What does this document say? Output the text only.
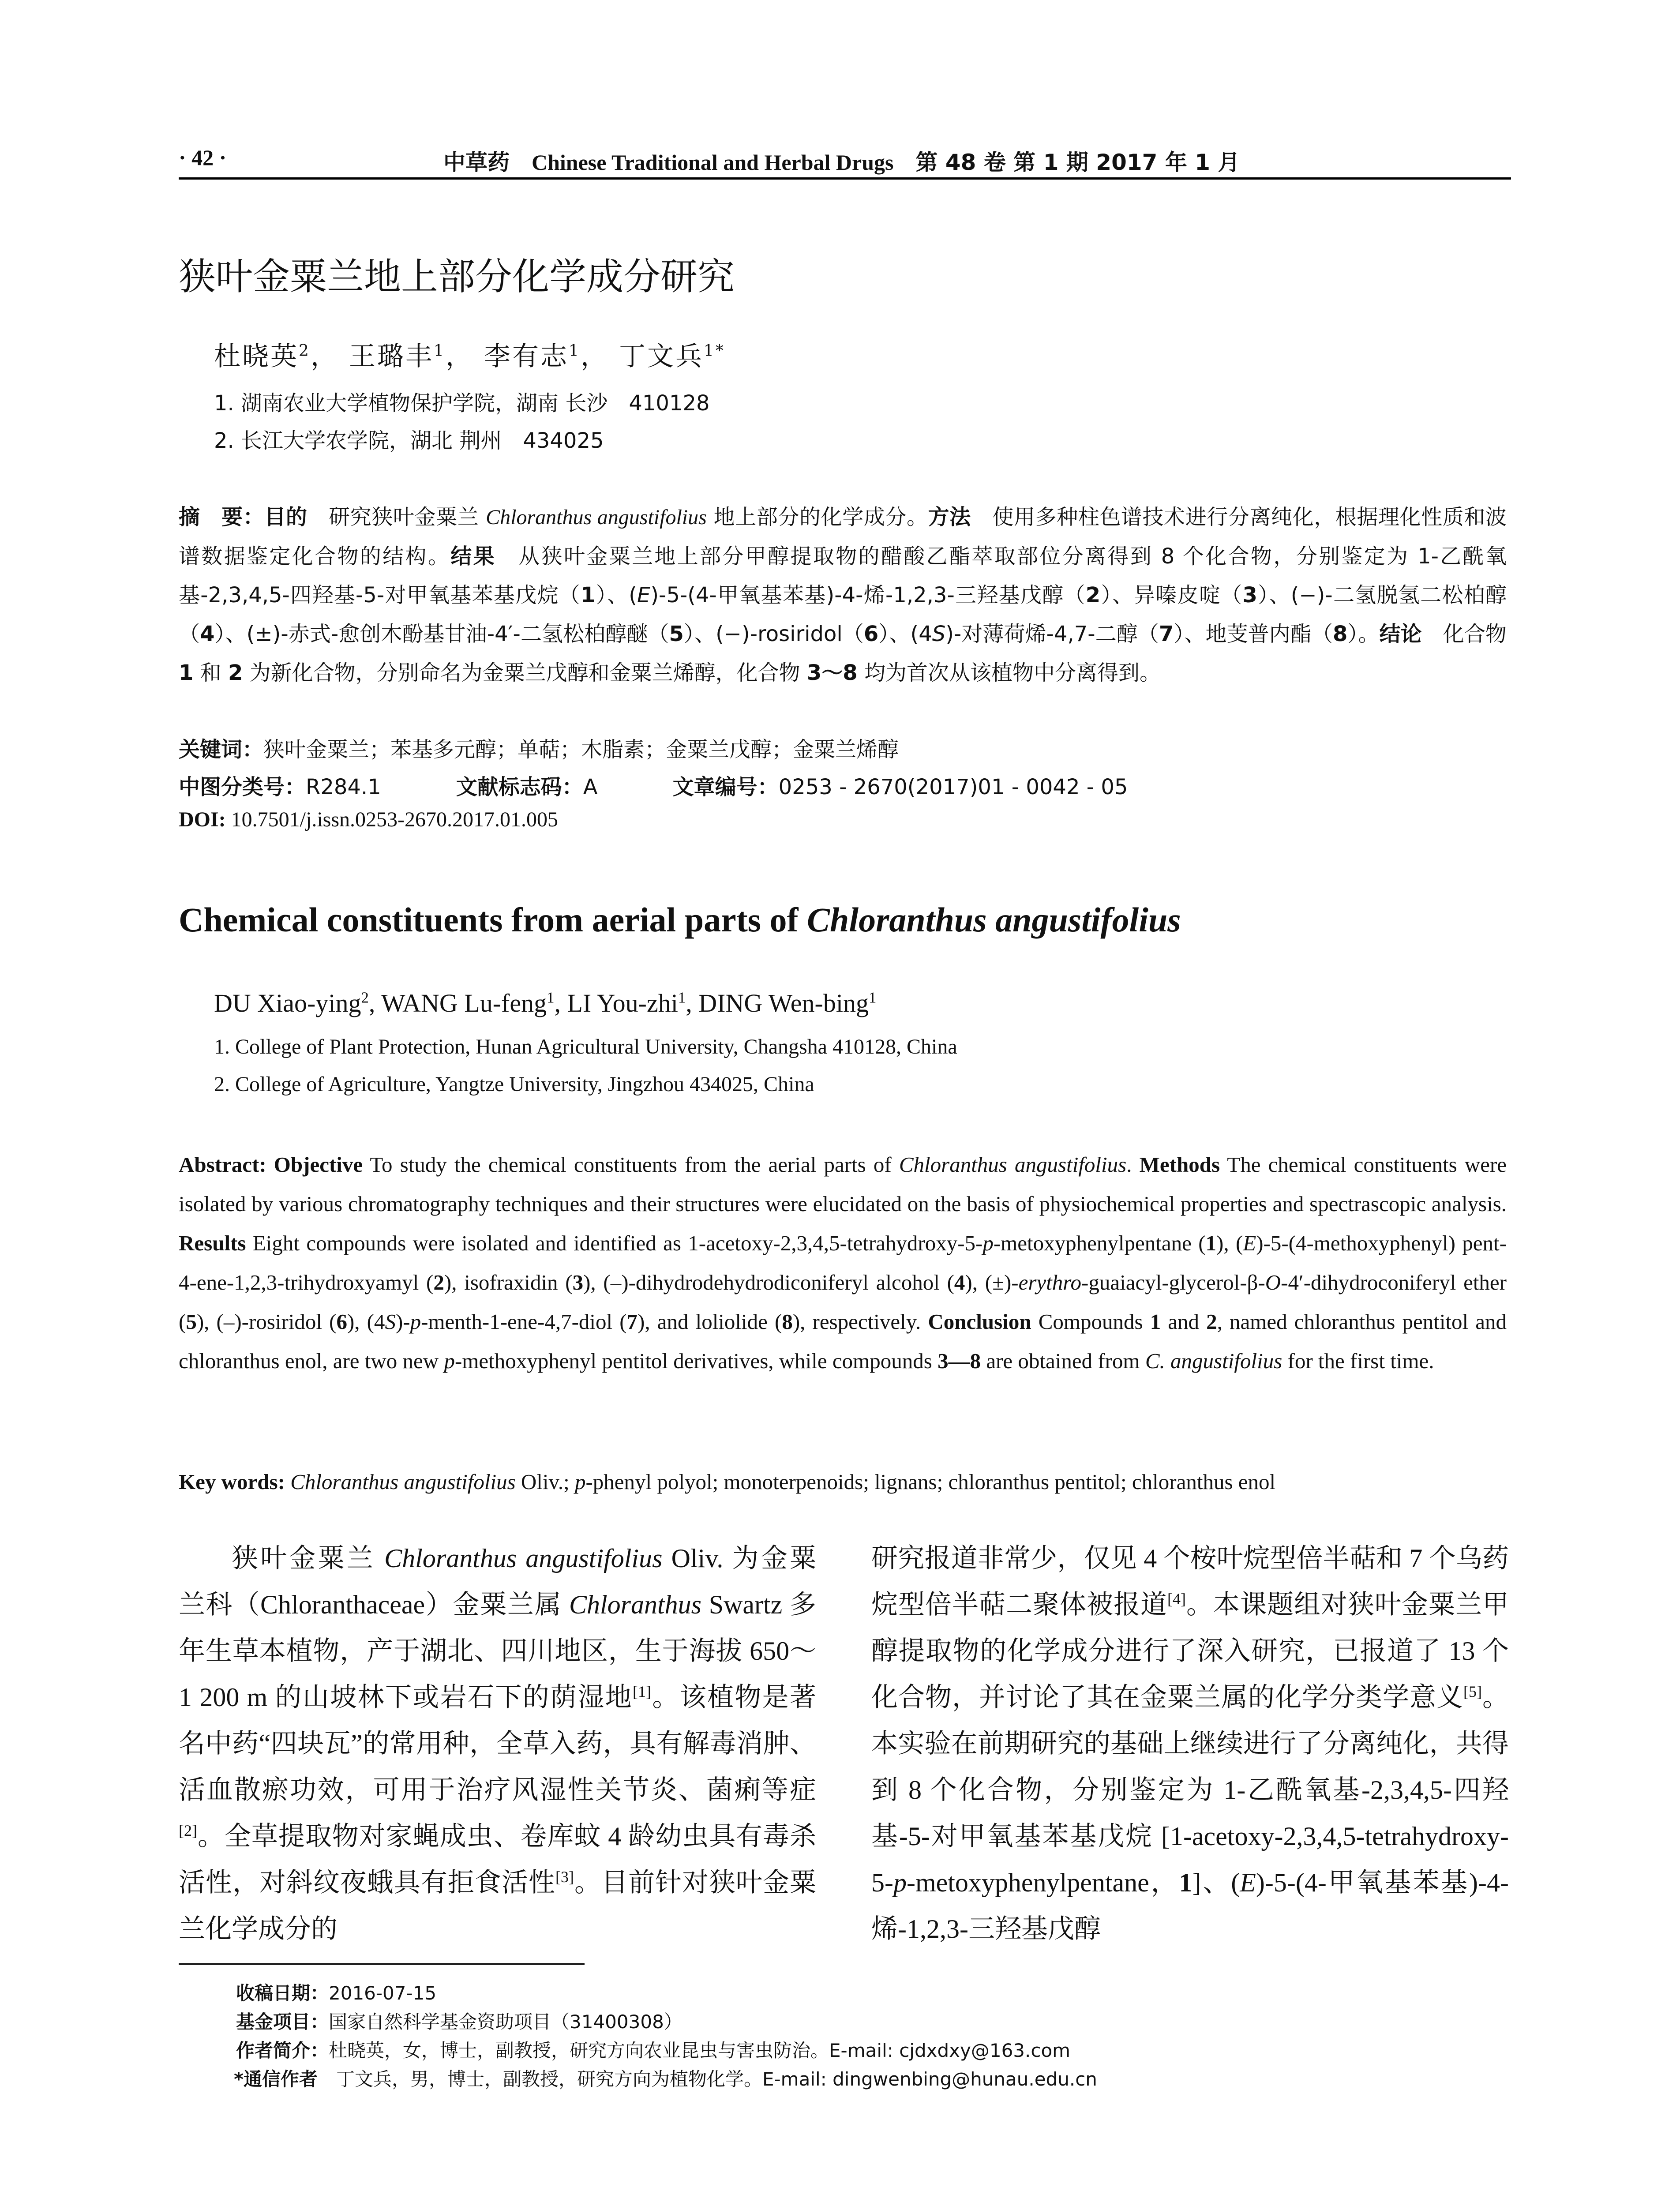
· 42 ·	中草药 Chinese Traditional and Herbal Drugs 第 48 卷 第 1 期 2017 年 1 月
狭叶金粟兰地上部分化学成分研究
杜晓英$^2$， 王璐丰$^1$， 李有志$^1$， 丁文兵$^{1*}$
1. 湖南农业大学植物保护学院，湖南 长沙　410128
2. 长江大学农学院，湖北 荆州　434025
摘　要：目的　研究狭叶金粟兰 Chloranthus angustifolius 地上部分的化学成分。方法　使用多种柱色谱技术进行分离纯化，根据理化性质和波谱数据鉴定化合物的结构。结果　从狭叶金粟兰地上部分甲醇提取物的醋酸乙酯萃取部位分离得到 8 个化合物，分别鉴定为 1-乙酰氧基-2,3,4,5-四羟基-5-对甲氧基苯基戊烷（1）、(E)-5-(4-甲氧基苯基)-4-烯-1,2,3-三羟基戊醇（2）、异嗪皮啶（3）、(−)-二氢脱氢二松柏醇（4）、(±)-赤式-愈创木酚基甘油-4′-二氢松柏醇醚（5）、(−)-rosiridol（6）、(4S)-对薄荷烯-4,7-二醇（7）、地芰普内酯（8）。结论　化合物 1 和 2 为新化合物，分别命名为金粟兰戊醇和金粟兰烯醇，化合物 3～8 均为首次从该植物中分离得到。
关键词：狭叶金粟兰；苯基多元醇；单萜；木脂素；金粟兰戊醇；金粟兰烯醇
中图分类号：R284.1	文献标志码：A	文章编号：0253 - 2670(2017)01 - 0042 - 05
DOI: 10.7501/j.issn.0253-2670.2017.01.005
Chemical constituents from aerial parts of Chloranthus angustifolius
DU Xiao-ying$^2$, WANG Lu-feng$^1$, LI You-zhi$^1$, DING Wen-bing$^1$
1. College of Plant Protection, Hunan Agricultural University, Changsha 410128, China
2. College of Agriculture, Yangtze University, Jingzhou 434025, China
Abstract: Objective To study the chemical constituents from the aerial parts of Chloranthus angustifolius. Methods The chemical constituents were isolated by various chromatography techniques and their structures were elucidated on the basis of physiochemical properties and spectrascopic analysis. Results Eight compounds were isolated and identified as 1-acetoxy-2,3,4,5-tetrahydroxy-5-p-metoxyphenylpentane (1), (E)-5-(4-methoxyphenyl) pent-4-ene-1,2,3-trihydroxyamyl (2), isofraxidin (3), (–)-dihydrodehydrodiconiferyl alcohol (4), (±)-erythro-guaiacyl-glycerol-β-O-4′-dihydroconiferyl ether (5), (–)-rosiridol (6), (4S)-p-menth-1-ene-4,7-diol (7), and loliolide (8), respectively. Conclusion Compounds 1 and 2, named chloranthus pentitol and chloranthus enol, are two new p-methoxyphenyl pentitol derivatives, while compounds 3—8 are obtained from C. angustifolius for the first time.
Key words: Chloranthus angustifolius Oliv.; p-phenyl polyol; monoterpenoids; lignans; chloranthus pentitol; chloranthus enol
狭叶金粟兰 Chloranthus angustifolius Oliv. 为金粟兰科（Chloranthaceae）金粟兰属 Chloranthus Swartz 多年生草本植物，产于湖北、四川地区，生于海拔 650～1 200 m 的山坡林下或岩石下的荫湿地[1]。该植物是著名中药“四块瓦”的常用种，全草入药，具有解毒消肿、活血散瘀功效，可用于治疗风湿性关节炎、菌痢等症[2]。全草提取物对家蝇成虫、卷库蚊 4 龄幼虫具有毒杀活性，对斜纹夜蛾具有拒食活性[3]。目前针对狭叶金粟兰化学成分的
研究报道非常少，仅见 4 个桉叶烷型倍半萜和 7 个乌药烷型倍半萜二聚体被报道[4]。本课题组对狭叶金粟兰甲醇提取物的化学成分进行了深入研究，已报道了 13 个化合物，并讨论了其在金粟兰属的化学分类学意义[5]。本实验在前期研究的基础上继续进行了分离纯化，共得到 8 个化合物，分别鉴定为 1-乙酰氧基-2,3,4,5-四羟基-5-对甲氧基苯基戊烷 [1-acetoxy-2,3,4,5-tetrahydroxy-5-p-metoxyphenylpentane，1]、(E)-5-(4-甲氧基苯基)-4-烯-1,2,3-三羟基戊醇
收稿日期：2016-07-15
基金项目：国家自然科学基金资助项目（31400308）
作者简介：杜晓英，女，博士，副教授，研究方向农业昆虫与害虫防治。E-mail: cjdxdxy@163.com
*通信作者　丁文兵，男，博士，副教授，研究方向为植物化学。E-mail: dingwenbing@hunau.edu.cn
